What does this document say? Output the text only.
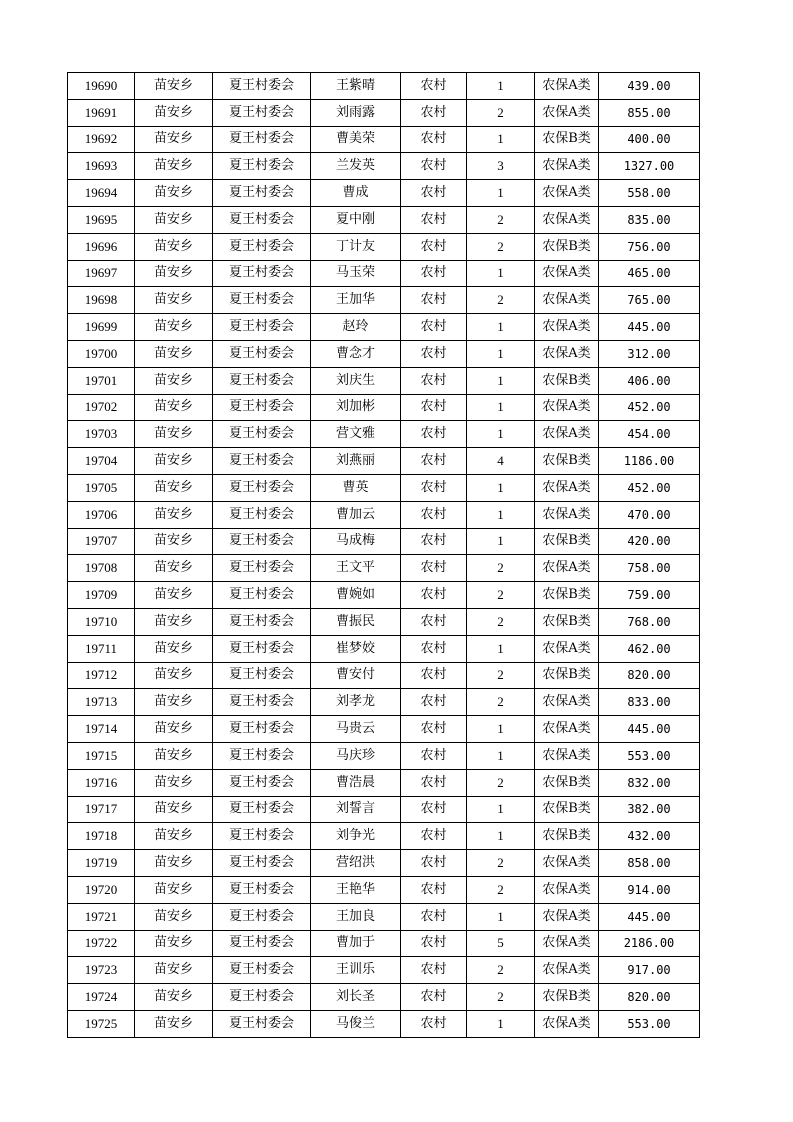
19690	苗安乡	夏王村委会	王紫晴	农村	1	农保A类	439.00
19691	苗安乡	夏王村委会	刘雨露	农村	2	农保A类	855.00
19692	苗安乡	夏王村委会	曹美荣	农村	1	农保B类	400.00
19693	苗安乡	夏王村委会	兰发英	农村	3	农保A类	1327.00
19694	苗安乡	夏王村委会	曹成	农村	1	农保A类	558.00
19695	苗安乡	夏王村委会	夏中刚	农村	2	农保A类	835.00
19696	苗安乡	夏王村委会	丁计友	农村	2	农保B类	756.00
19697	苗安乡	夏王村委会	马玉荣	农村	1	农保A类	465.00
19698	苗安乡	夏王村委会	王加华	农村	2	农保A类	765.00
19699	苗安乡	夏王村委会	赵玲	农村	1	农保A类	445.00
19700	苗安乡	夏王村委会	曹念才	农村	1	农保A类	312.00
19701	苗安乡	夏王村委会	刘庆生	农村	1	农保B类	406.00
19702	苗安乡	夏王村委会	刘加彬	农村	1	农保A类	452.00
19703	苗安乡	夏王村委会	营文雅	农村	1	农保A类	454.00
19704	苗安乡	夏王村委会	刘燕丽	农村	4	农保B类	1186.00
19705	苗安乡	夏王村委会	曹英	农村	1	农保A类	452.00
19706	苗安乡	夏王村委会	曹加云	农村	1	农保A类	470.00
19707	苗安乡	夏王村委会	马成梅	农村	1	农保B类	420.00
19708	苗安乡	夏王村委会	王文平	农村	2	农保A类	758.00
19709	苗安乡	夏王村委会	曹婉如	农村	2	农保B类	759.00
19710	苗安乡	夏王村委会	曹振民	农村	2	农保B类	768.00
19711	苗安乡	夏王村委会	崔梦姣	农村	1	农保A类	462.00
19712	苗安乡	夏王村委会	曹安付	农村	2	农保B类	820.00
19713	苗安乡	夏王村委会	刘孝龙	农村	2	农保A类	833.00
19714	苗安乡	夏王村委会	马贵云	农村	1	农保A类	445.00
19715	苗安乡	夏王村委会	马庆珍	农村	1	农保A类	553.00
19716	苗安乡	夏王村委会	曹浩晨	农村	2	农保B类	832.00
19717	苗安乡	夏王村委会	刘誓言	农村	1	农保B类	382.00
19718	苗安乡	夏王村委会	刘争光	农村	1	农保B类	432.00
19719	苗安乡	夏王村委会	营绍洪	农村	2	农保A类	858.00
19720	苗安乡	夏王村委会	王艳华	农村	2	农保A类	914.00
19721	苗安乡	夏王村委会	王加良	农村	1	农保A类	445.00
19722	苗安乡	夏王村委会	曹加于	农村	5	农保A类	2186.00
19723	苗安乡	夏王村委会	王训乐	农村	2	农保A类	917.00
19724	苗安乡	夏王村委会	刘长圣	农村	2	农保B类	820.00
19725	苗安乡	夏王村委会	马俊兰	农村	1	农保A类	553.00
